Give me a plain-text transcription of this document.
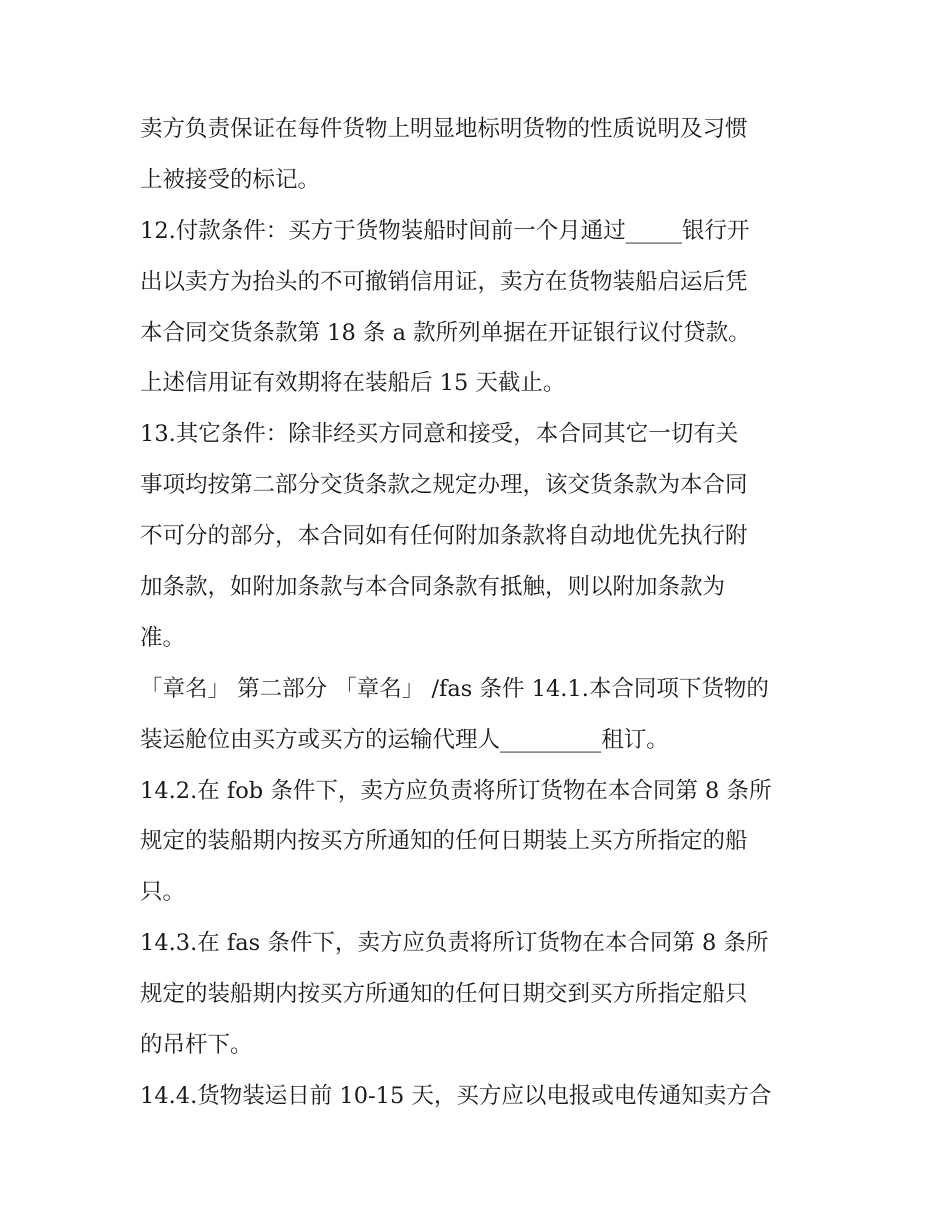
卖方负责保证在每件货物上明显地标明货物的性质说明及习惯
上被接受的标记。
12.付款条件：买方于货物装船时间前一个月通过_____银行开
出以卖方为抬头的不可撤销信用证，卖方在货物装船启运后凭
本合同交货条款第 18 条 a 款所列单据在开证银行议付贷款。
上述信用证有效期将在装船后 15 天截止。
13.其它条件：除非经买方同意和接受，本合同其它一切有关
事项均按第二部分交货条款之规定办理，该交货条款为本合同
不可分的部分，本合同如有任何附加条款将自动地优先执行附
加条款，如附加条款与本合同条款有抵触，则以附加条款为
准。
「章名」 第二部分 「章名」 /fas 条件 14.1.本合同项下货物的
装运舱位由买方或买方的运输代理人_________租订。
14.2.在 fob 条件下，卖方应负责将所订货物在本合同第 8 条所
规定的装船期内按买方所通知的任何日期装上买方所指定的船
只。
14.3.在 fas 条件下，卖方应负责将所订货物在本合同第 8 条所
规定的装船期内按买方所通知的任何日期交到买方所指定船只
的吊杆下。
14.4.货物装运日前 10-15 天，买方应以电报或电传通知卖方合
